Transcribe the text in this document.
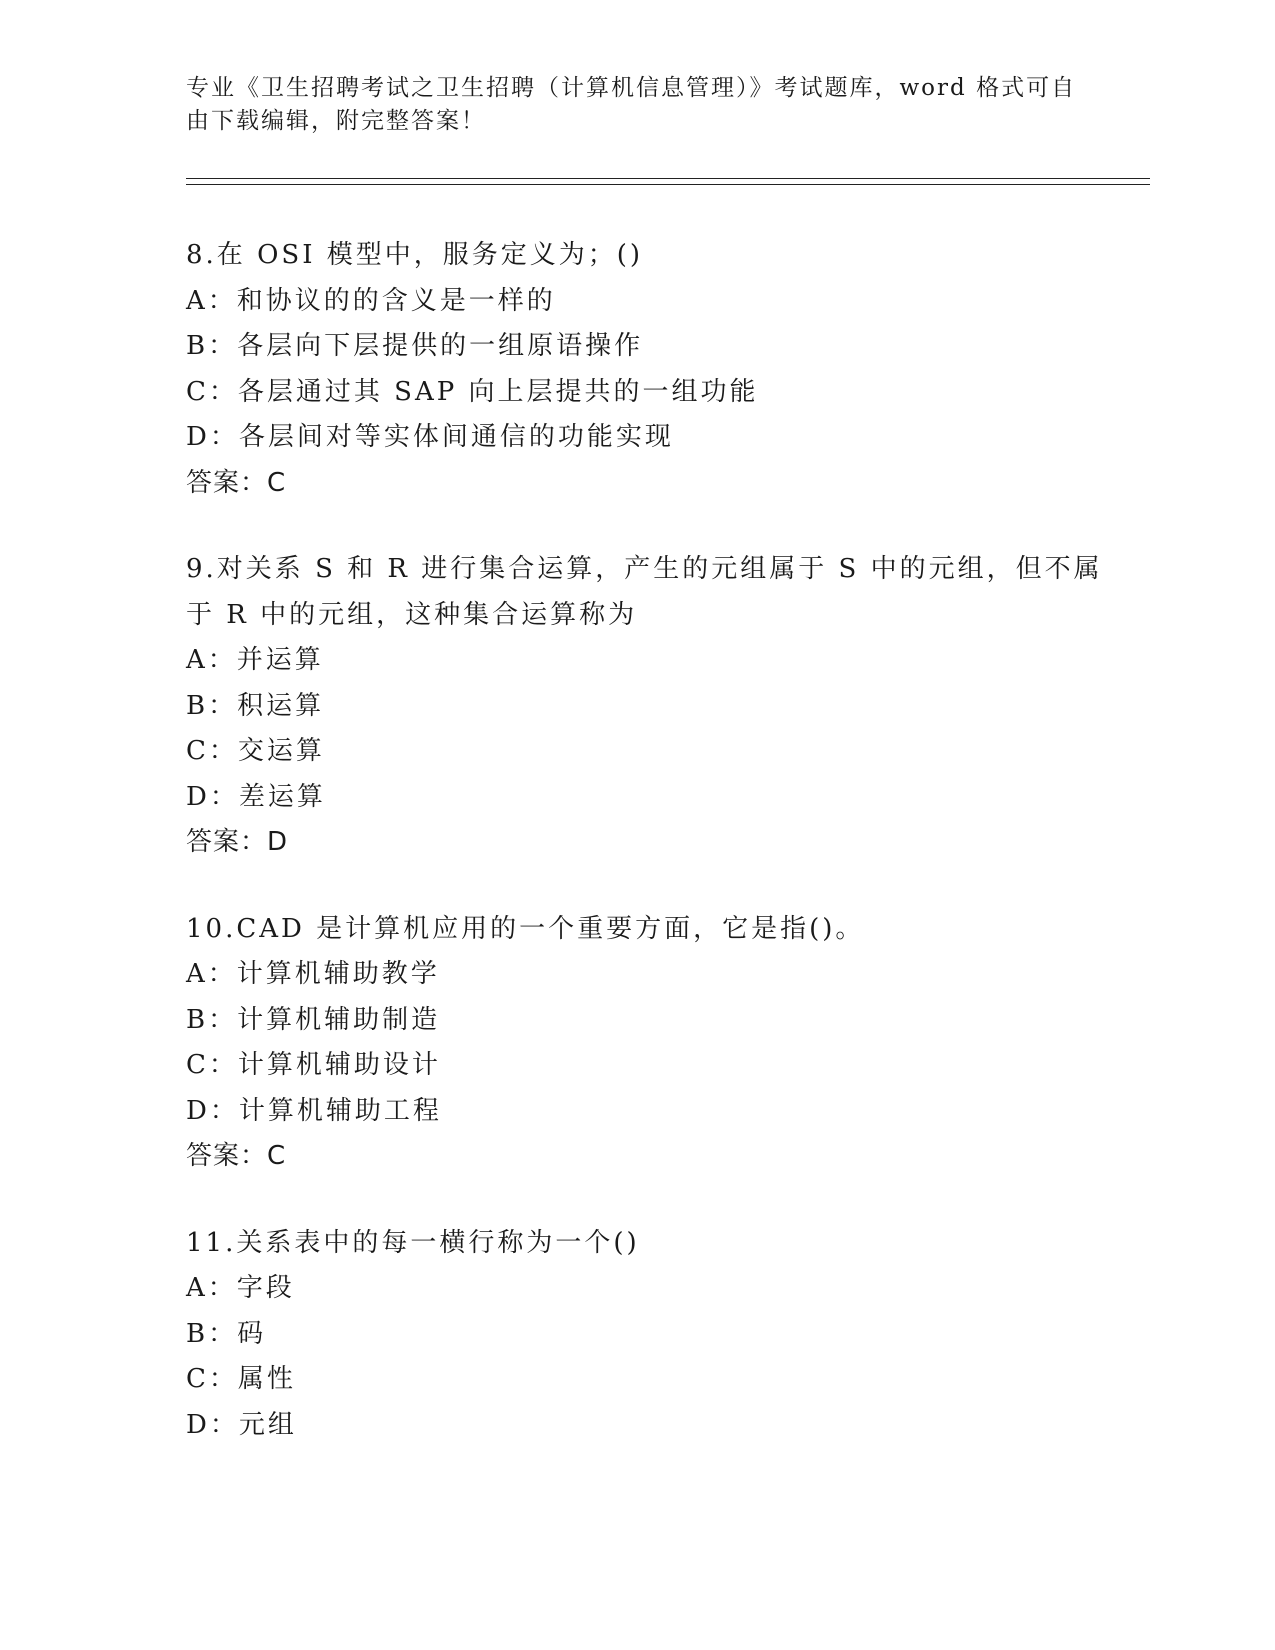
专业《卫生招聘考试之卫生招聘（计算机信息管理）》考试题库，word 格式可自
由下载编辑，附完整答案！
8.在 OSI 模型中，服务定义为；()
A：和协议的的含义是一样的
B：各层向下层提供的一组原语操作
C：各层通过其 SAP 向上层提共的一组功能
D：各层间对等实体间通信的功能实现
答案：C
9.对关系 S 和 R 进行集合运算，产生的元组属于 S 中的元组，但不属
于 R 中的元组，这种集合运算称为
A：并运算
B：积运算
C：交运算
D：差运算
答案：D
10.CAD 是计算机应用的一个重要方面，它是指()。
A：计算机辅助教学
B：计算机辅助制造
C：计算机辅助设计
D：计算机辅助工程
答案：C
11.关系表中的每一横行称为一个()
A：字段
B：码
C：属性
D：元组
